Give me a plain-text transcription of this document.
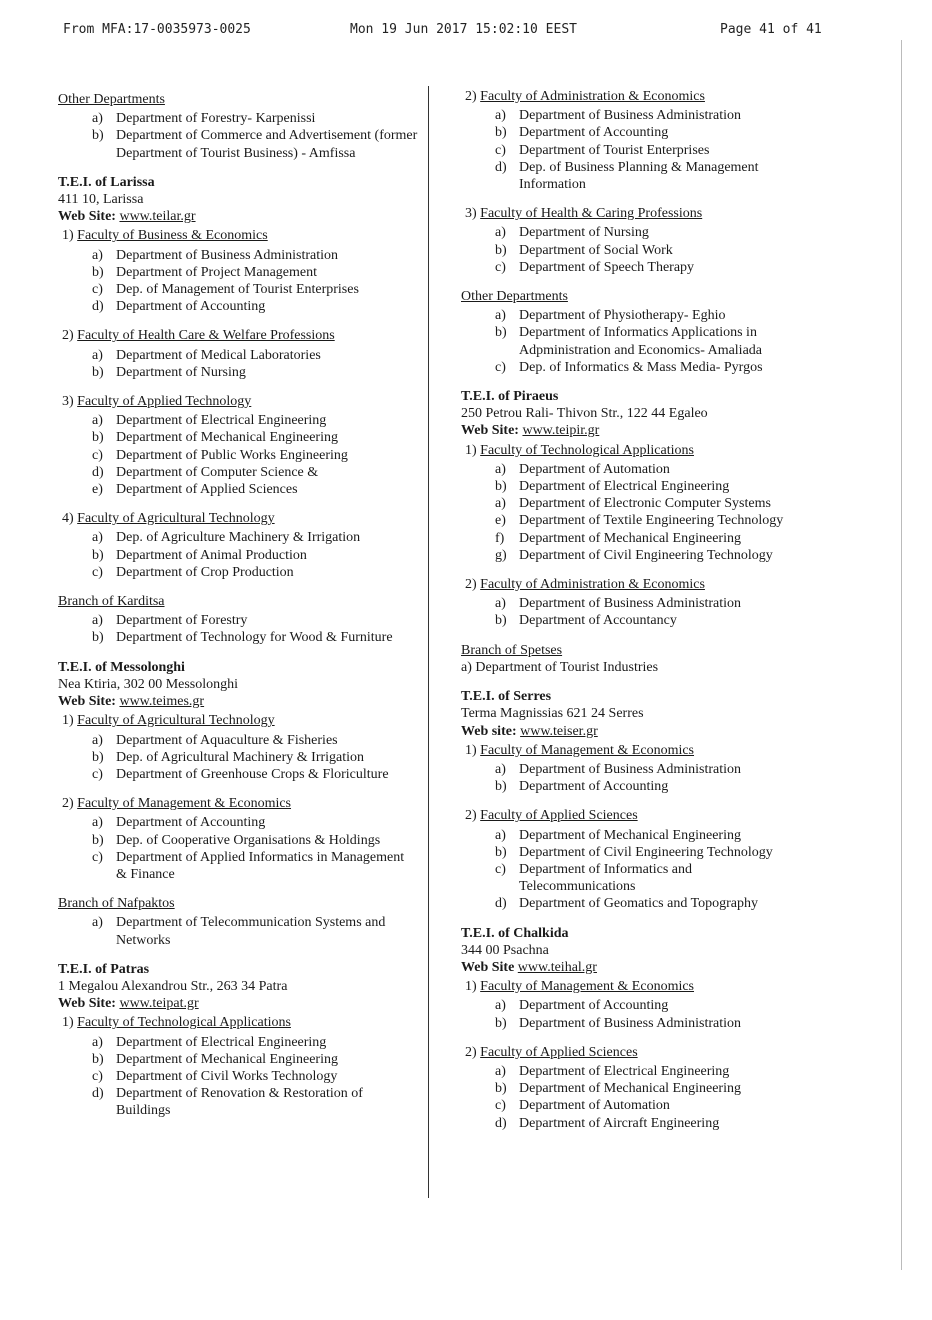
From MFA:17-0035973-0025	Mon 19 Jun 2017 15:02:10 EEST	Page 41 of 41
Other Departments
a) Department of Forestry- Karpenissi
b) Department of Commerce and Advertisement (former Department of Tourist Business) - Amfissa
T.E.I. of Larissa
411 10, Larissa
Web Site: www.teilar.gr
1) Faculty of Business & Economics
a) Department of Business Administration
b) Department of Project Management
c) Dep. of Management of Tourist Enterprises
d) Department of Accounting
2) Faculty of Health Care & Welfare Professions
a) Department of Medical Laboratories
b) Department of Nursing
3) Faculty of Applied Technology
a) Department of Electrical Engineering
b) Department of Mechanical Engineering
c) Department of Public Works Engineering
d) Department of Computer Science &
e) Department of Applied Sciences
4) Faculty of Agricultural Technology
a) Dep. of Agriculture Machinery & Irrigation
b) Department of Animal Production
c) Department of Crop Production
Branch of Karditsa
a) Department of Forestry
b) Department of Technology for Wood & Furniture
T.E.I. of Messolonghi
Nea Ktiria, 302 00 Messolonghi
Web Site: www.teimes.gr
1) Faculty of Agricultural Technology
a) Department of Aquaculture & Fisheries
b) Dep. of Agricultural Machinery & Irrigation
c) Department of Greenhouse Crops & Floriculture
2) Faculty of Management & Economics
a) Department of Accounting
b) Dep. of Cooperative Organisations & Holdings
c) Department of Applied Informatics in Management & Finance
Branch of Nafpaktos
a) Department of Telecommunication Systems and Networks
T.E.I. of Patras
1 Megalou Alexandrou Str., 263 34 Patra
Web Site: www.teipat.gr
1) Faculty of Technological Applications
a) Department of Electrical Engineering
b) Department of Mechanical Engineering
c) Department of Civil Works Technology
d) Department of Renovation & Restoration of Buildings
2) Faculty of Administration & Economics
a) Department of Business Administration
b) Department of Accounting
c) Department of Tourist Enterprises
d) Dep. of Business Planning & Management Information
3) Faculty of Health & Caring Professions
a) Department of Nursing
b) Department of Social Work
c) Department of Speech Therapy
Other Departments
a) Department of Physiotherapy- Eghio
b) Department of Informatics Applications in Adpministration and Economics- Amaliada
c) Dep. of Informatics & Mass Media- Pyrgos
T.E.I. of Piraeus
250 Petrou Rali- Thivon Str., 122 44 Egaleo
Web Site: www.teipir.gr
1) Faculty of Technological Applications
a) Department of Automation
b) Department of Electrical Engineering
a) Department of Electronic Computer Systems
e) Department of Textile Engineering Technology
f) Department of Mechanical Engineering
g) Department of Civil Engineering Technology
2) Faculty of Administration & Economics
a) Department of Business Administration
b) Department of Accountancy
Branch of Spetses
a) Department of Tourist Industries
T.E.I. of Serres
Terma Magnissias 621 24 Serres
Web site: www.teiser.gr
1) Faculty of Management & Economics
a) Department of Business Administration
b) Department of Accounting
2) Faculty of Applied Sciences
a) Department of Mechanical Engineering
b) Department of Civil Engineering Technology
c) Department of Informatics and Telecommunications
d) Department of Geomatics and Topography
T.E.I. of Chalkida
344 00 Psachna
Web Site www.teihal.gr
1) Faculty of Management & Economics
a) Department of Accounting
b) Department of Business Administration
2) Faculty of Applied Sciences
a) Department of Electrical Engineering
b) Department of Mechanical Engineering
c) Department of Automation
d) Department of Aircraft Engineering
